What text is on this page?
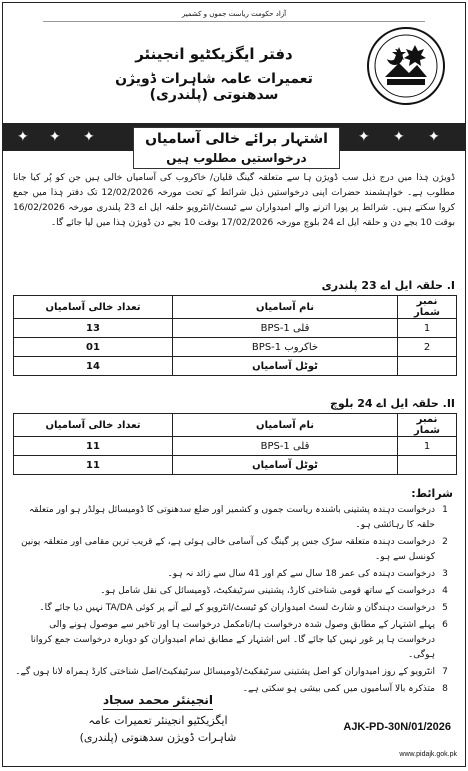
آزاد حکومت ریاست جموں و کشمیر
دفتر ایگزیکٹیو انجینئر
تعمیرات عامہ شاہرات ڈویژن سدھنوتی (پلندری)
✦ ✦ ✦	✦ ✦ ✦
اشتہار برائے خالی آسامیاں
درخواستیں مطلوب ہیں
ڈویژن ہٰذا میں درج ذیل سب ڈویژن ہا سے متعلقہ گینگ قلیان/ خاکروب کی آسامیاں خالی ہیں جن کو پُر کیا جانا مطلوب ہے۔ خواہشمند حضرات اپنی درخواستیں ذیل شرائط کے تحت مورخہ 12/02/2026 تک دفتر ہٰذا میں جمع کروا سکتے ہیں۔ شرائط پر پورا اترنے والے امیدواران سے ٹیسٹ/انٹرویو حلقہ ایل اے 23 پلندری مورخہ 16/02/2026 بوقت 10 بجے دن و حلقہ ایل اے 24 بلوچ مورخہ 17/02/2026 بوقت 10 بجے دن ڈویژن ہٰذا میں لیا جائے گا۔
I. حلقہ ایل اے 23 پلندری
نمبر شمار	نام آسامیاں	تعداد خالی آسامیاں
1	قلی BPS-1	13
2	خاکروب BPS-1	01
	ٹوٹل آسامیاں	14
II. حلقہ ایل اے 24 بلوچ
نمبر شمار	نام آسامیاں	تعداد خالی آسامیاں
1	قلی BPS-1	11
	ٹوٹل آسامیاں	11
شرائط:
1
درخواست دہندہ پشتینی باشندہ ریاست جموں و کشمیر اور ضلع سدھنوتی کا ڈومیسائل ہولڈر ہو اور متعلقہ حلقہ کا رہائشی ہو۔
2
درخواست دہندہ متعلقہ سڑک جس پر گینگ کی آسامی خالی ہوئی ہے، کے قریب ترین مقامی اور متعلقہ یونین کونسل سے ہو۔
3
درخواست دہندہ کی عمر 18 سال سے کم اور 41 سال سے زائد نہ ہو۔
4
درخواست کے ساتھ قومی شناختی کارڈ، پشتینی سرٹیفکیٹ، ڈومیسائل کی نقل شامل ہو۔
5
درخواست دہندگان و شارٹ لسٹ امیدواران کو ٹیسٹ/انٹرویو کے لیے آنے پر کوئی TA/DA نہیں دیا جائے گا۔
6
پہلے اشتہار کے مطابق وصول شدہ درخواست ہا/نامکمل درخواست ہا اور تاخیر سے موصول ہونے والی درخواست ہا پر غور نہیں کیا جائے گا۔ اس اشتہار کے مطابق تمام امیدواران کو دوبارہ درخواست جمع کروانا ہوگی۔
7
انٹرویو کے روز امیدواران کو اصل پشتینی سرٹیفکیٹ/ڈومیسائل سرٹیفکیٹ/اصل شناختی کارڈ ہمراہ لانا ہوں گے۔
8
متذکرہ بالا آسامیوں میں کمی بیشی ہو سکتی ہے۔
انجینئر محمد سجاد
ایگزیکٹیو انجینئر تعمیرات عامہ
شاہرات ڈویژن سدھنوتی (پلندری)
AJK-PD-30N/01/2026
www.pidajk.gok.pk
